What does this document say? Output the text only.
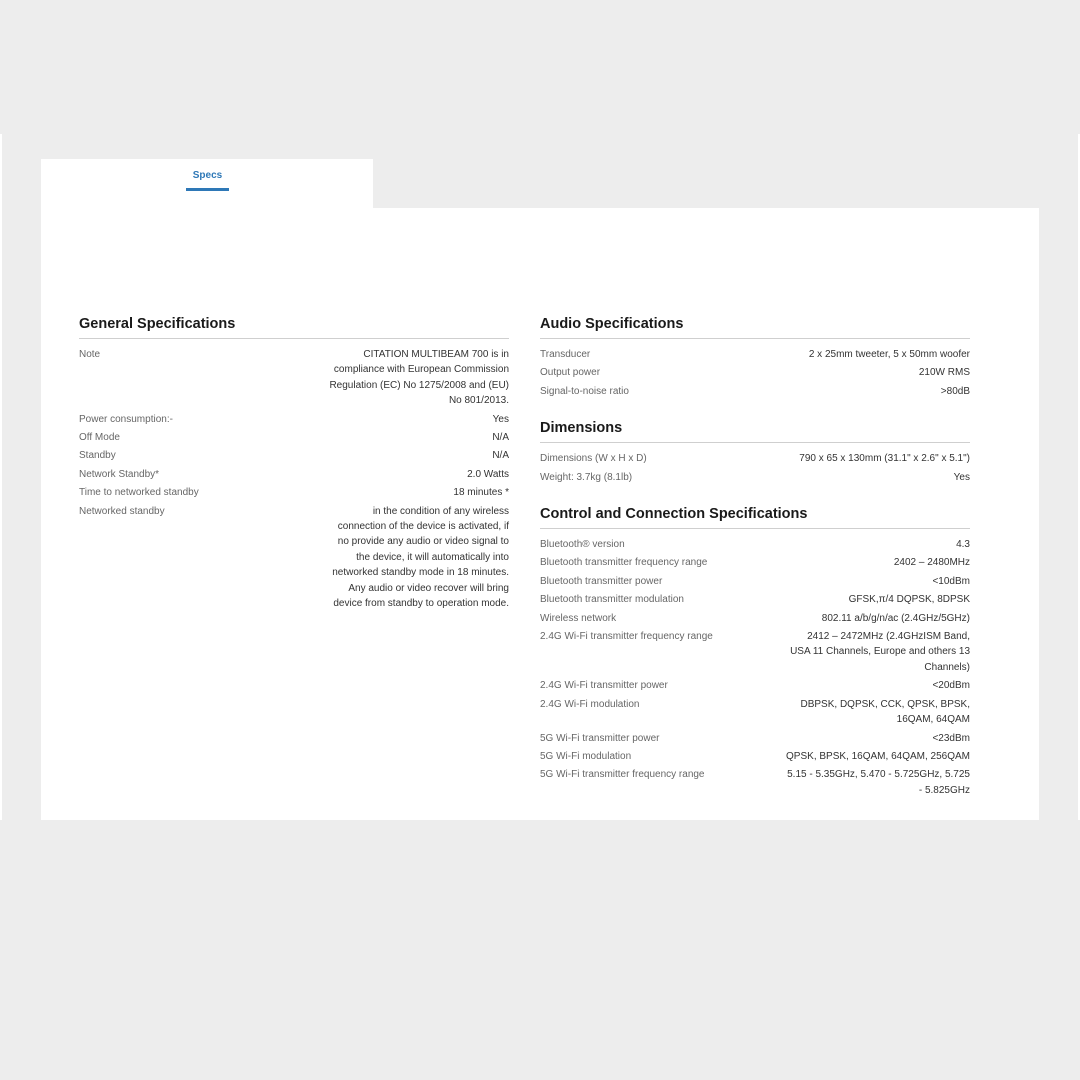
Specs
General Specifications
Note	CITATION MULTIBEAM 700 is in compliance with European Commission Regulation (EC) No 1275/2008 and (EU) No 801/2013.
Power consumption:-	Yes
Off Mode	N/A
Standby	N/A
Network Standby*	2.0 Watts
Time to networked standby	18 minutes *
Networked standby	in the condition of any wireless connection of the device is activated, if no provide any audio or video signal to the device, it will automatically into networked standby mode in 18 minutes. Any audio or video recover will bring device from standby to operation mode.
Audio Specifications
Transducer	2 x 25mm tweeter, 5 x 50mm woofer
Output power	210W RMS
Signal-to-noise ratio	>80dB
Dimensions
Dimensions (W x H x D)	790 x 65 x 130mm (31.1" x 2.6" x 5.1")
Weight: 3.7kg (8.1lb)	Yes
Control and Connection Specifications
Bluetooth® version	4.3
Bluetooth transmitter frequency range	2402 – 2480MHz
Bluetooth transmitter power	<10dBm
Bluetooth transmitter modulation	GFSK,π/4 DQPSK, 8DPSK
Wireless network	802.11 a/b/g/n/ac (2.4GHz/5GHz)
2.4G Wi-Fi transmitter frequency range	2412 – 2472MHz (2.4GHzISM Band, USA 11 Channels, Europe and others 13 Channels)
2.4G Wi-Fi transmitter power	<20dBm
2.4G Wi-Fi modulation	DBPSK, DQPSK, CCK, QPSK, BPSK, 16QAM, 64QAM
5G Wi-Fi transmitter power	<23dBm
5G Wi-Fi modulation	QPSK, BPSK, 16QAM, 64QAM, 256QAM
5G Wi-Fi transmitter frequency range	5.15 - 5.35GHz, 5.470 - 5.725GHz, 5.725 - 5.825GHz
